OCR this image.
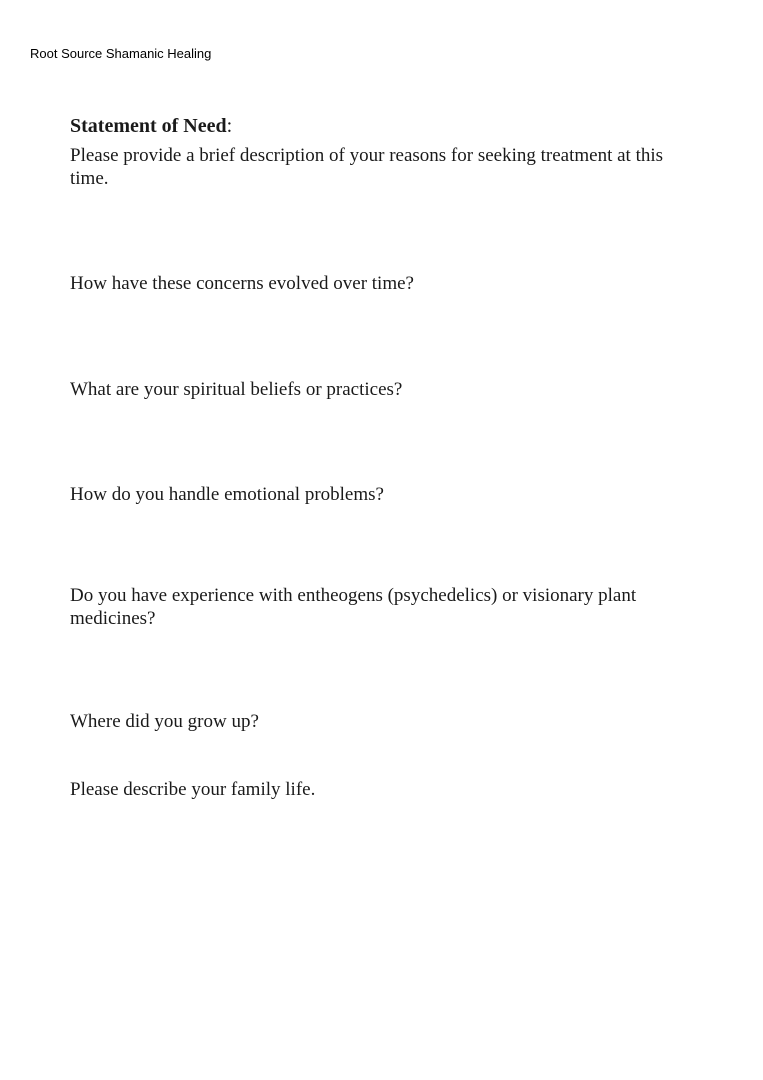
Root Source Shamanic Healing
Statement of Need:
Please provide a brief description of your reasons for seeking treatment at this time.
How have these concerns evolved over time?
What are your spiritual beliefs or practices?
How do you handle emotional problems?
Do you have experience with entheogens (psychedelics) or visionary plant medicines?
Where did you grow up?
Please describe your family life.
